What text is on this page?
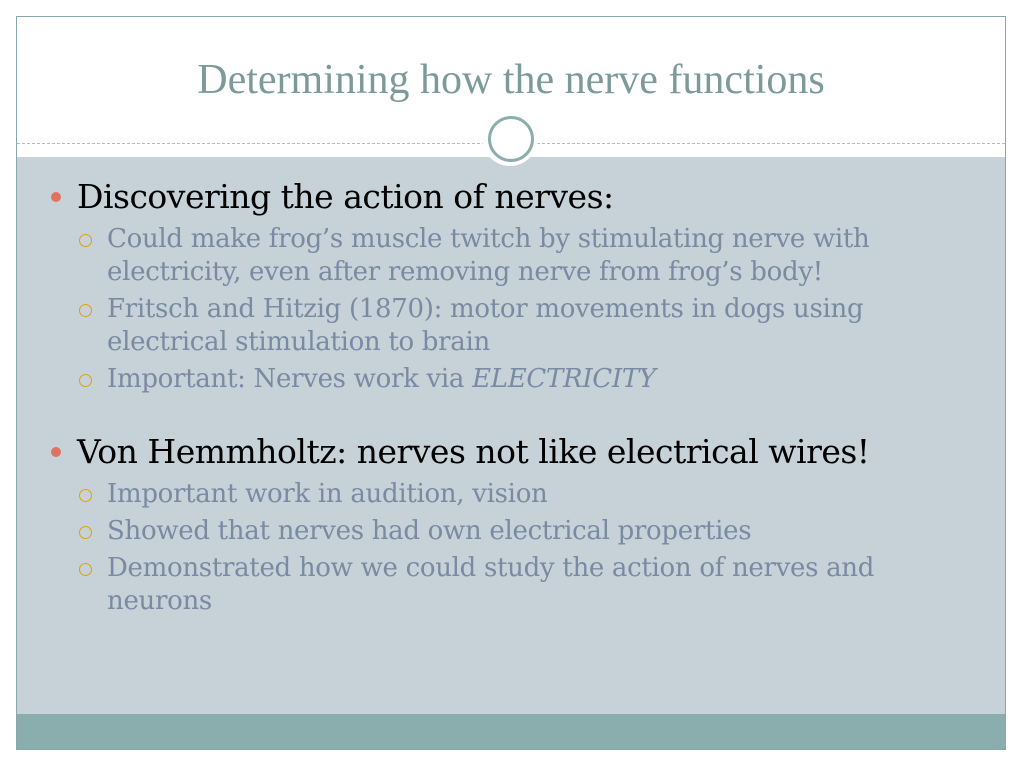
Determining how the nerve functions
Discovering the action of nerves:
Could make frog’s muscle twitch by stimulating nerve with electricity, even after removing nerve from frog’s body!
Fritsch and Hitzig (1870): motor movements in dogs using electrical stimulation to brain
Important: Nerves work via ELECTRICITY
Von Hemmholtz: nerves not like electrical wires!
Important work in audition, vision
Showed that nerves had own electrical properties
Demonstrated how we could study the action of nerves and neurons
